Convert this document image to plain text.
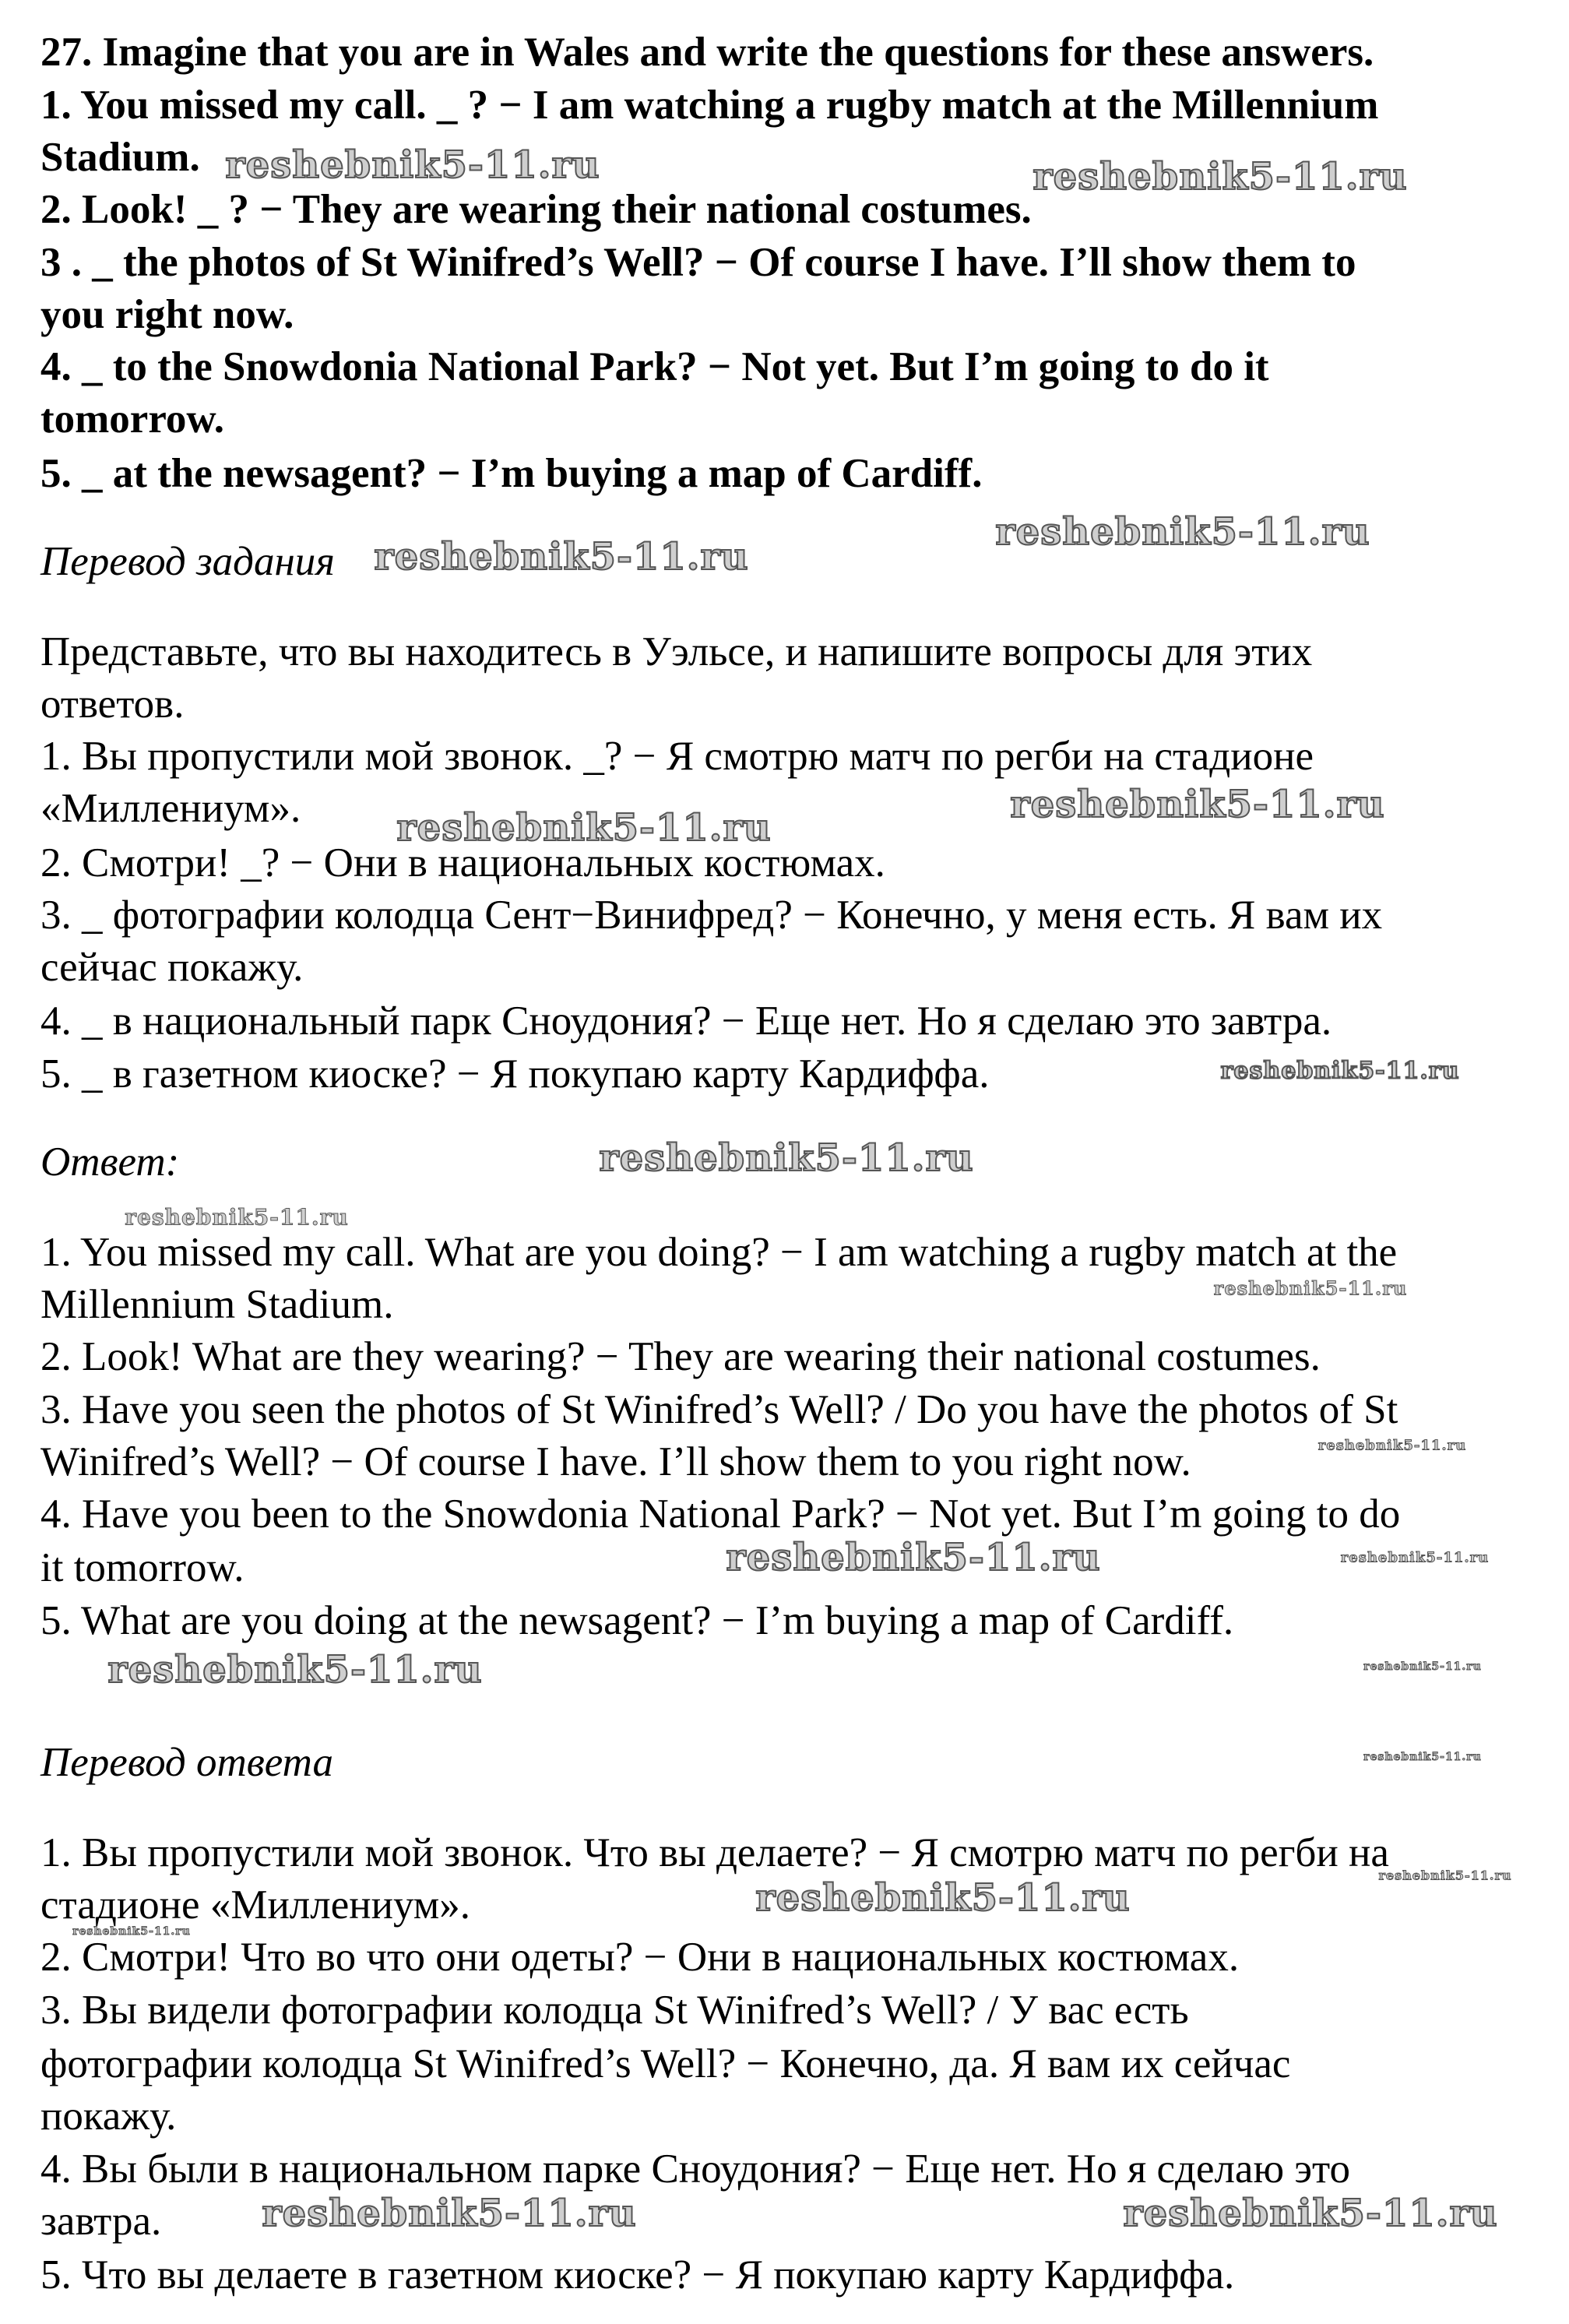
27. Imagine that you are in Wales and write the questions for these answers.
1. You missed my call. _ ? − I am watching a rugby match at the Millennium
Stadium.
2. Look! _ ? − They are wearing their national costumes.
3 . _ the photos of St Winifred’s Well? − Of course I have. I’ll show them to
you right now.
4. _ to the Snowdonia National Park? − Not yet. But I’m going to do it
tomorrow.
5. _ at the newsagent? − I’m buying a map of Cardiff.
Перевод задания
Представьте, что вы находитесь в Уэльсе, и напишите вопросы для этих
ответов.
1. Вы пропустили мой звонок. _? − Я смотрю матч по регби на стадионе
«Миллениум».
2. Смотри! _? − Они в национальных костюмах.
3. _ фотографии колодца Сент−Винифред? − Конечно, у меня есть. Я вам их
сейчас покажу.
4. _ в национальный парк Сноудония? − Еще нет. Но я сделаю это завтра.
5. _ в газетном киоске? − Я покупаю карту Кардиффа.
Ответ:
1. You missed my call. What are you doing? − I am watching a rugby match at the
Millennium Stadium.
2. Look! What are they wearing? − They are wearing their national costumes.
3. Have you seen the photos of St Winifred’s Well? / Do you have the photos of St
Winifred’s Well? − Of course I have. I’ll show them to you right now.
4. Have you been to the Snowdonia National Park? − Not yet. But I’m going to do
it tomorrow.
5. What are you doing at the newsagent? − I’m buying a map of Cardiff.
Перевод ответа
1. Вы пропустили мой звонок. Что вы делаете? − Я смотрю матч по регби на
стадионе «Миллениум».
2. Смотри! Что во что они одеты? − Они в национальных костюмах.
3. Вы видели фотографии колодца St Winifred’s Well? / У вас есть
фотографии колодца St Winifred’s Well? − Конечно, да. Я вам их сейчас
покажу.
4. Вы были в национальном парке Сноудония? − Еще нет. Но я сделаю это
завтра.
5. Что вы делаете в газетном киоске? − Я покупаю карту Кардиффа.
reshebnik5-11.ru	reshebnik5-11.ru
reshebnik5-11.ru
reshebnik5-11.ru
reshebnik5-11.ru
reshebnik5-11.ru
reshebnik5-11.ru
reshebnik5-11.ru
reshebnik5-11.ru
reshebnik5-11.ru
reshebnik5-11.ru
reshebnik5-11.ru	reshebnik5-11.ru
reshebnik5-11.ru	reshebnik5-11.ru
reshebnik5-11.ru
reshebnik5-11.ru
reshebnik5-11.ru
reshebnik5-11.ru
reshebnik5-11.ru	reshebnik5-11.ru
